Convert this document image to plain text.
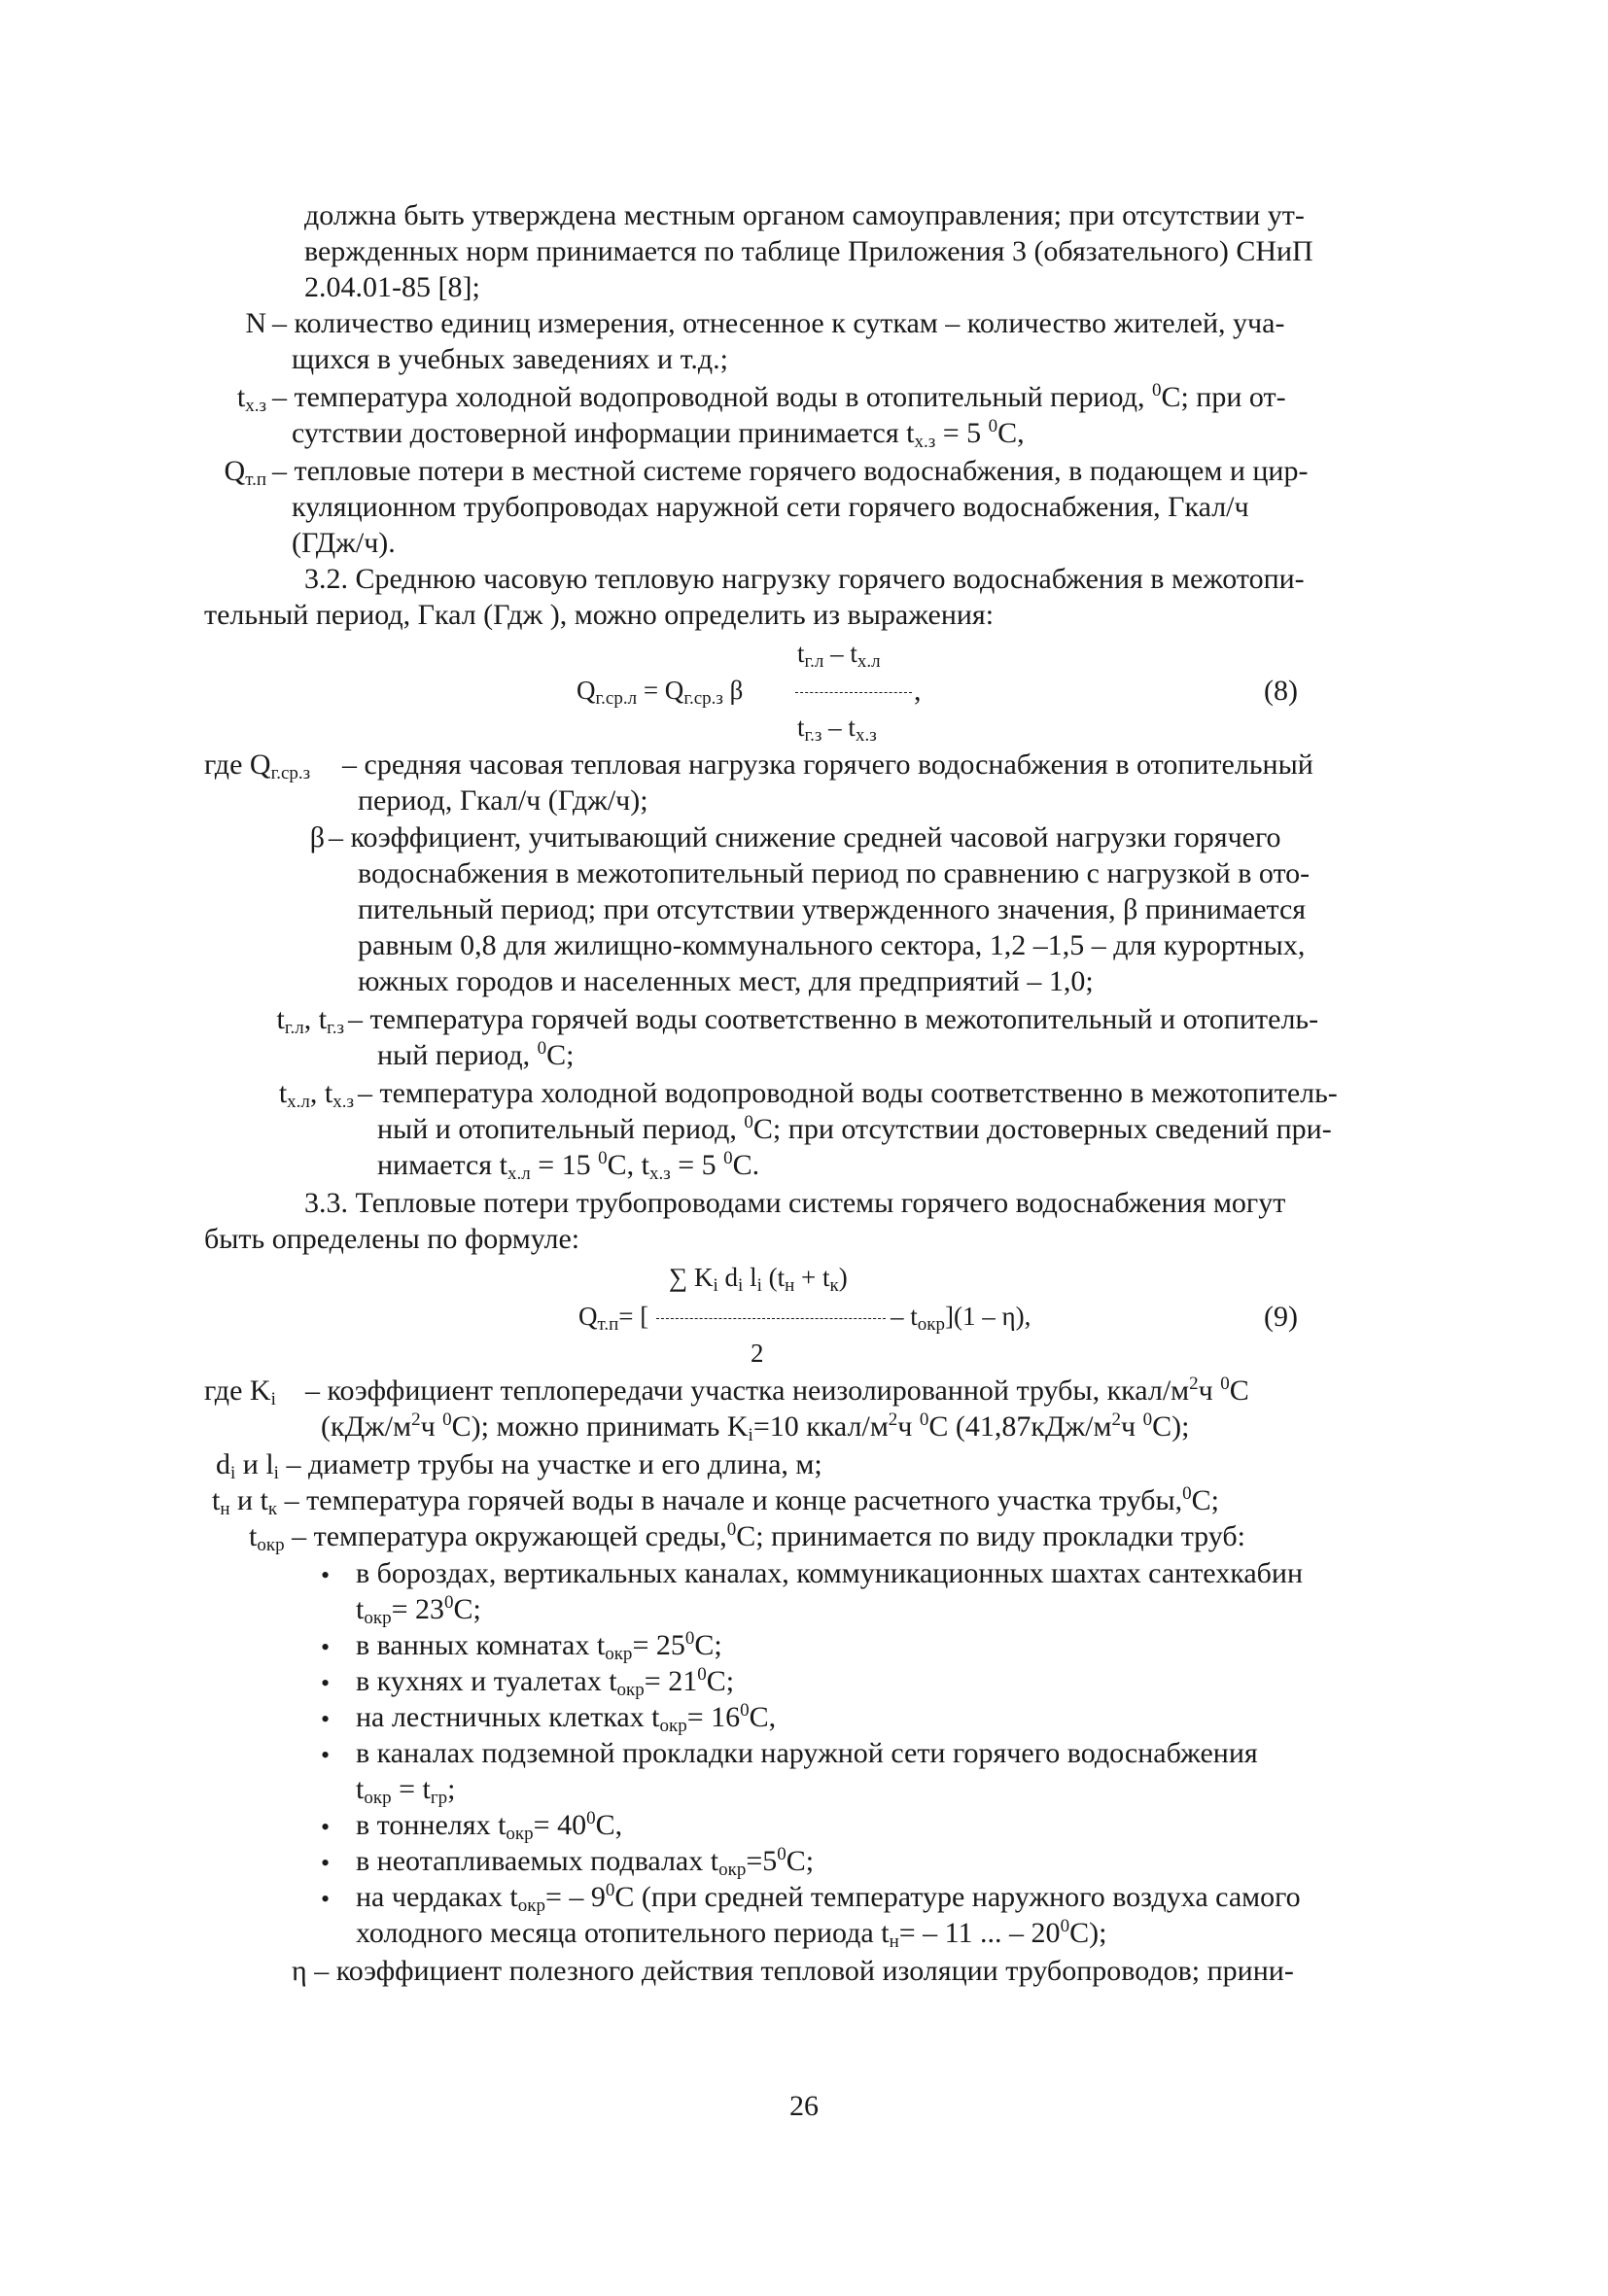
должна быть утверждена местным органом самоуправления; при отсутствии ут-
вержденных норм принимается по таблице Приложения 3 (обязательного) СНиП
2.04.01-85 [8];
N – количество единиц измерения, отнесенное к суткам – количество жителей, уча-
щихся в учебных заведениях и т.д.;
$t_{х.з}$ – температура холодной водопроводной воды в отопительный период, $^0$С; при от-
сутствии достоверной информации принимается $t_{х.з} = 5$ $^0$С,
$Q_{т.п}$ – тепловые потери в местной системе горячего водоснабжения, в подающем и цир-
куляционном трубопроводах наружной сети горячего водоснабжения, Гкал/ч
(ГДж/ч).
3.2. Среднюю часовую тепловую нагрузку горячего водоснабжения в межотопи-
тельный период, Гкал (Гдж ), можно определить из выражения:
$t_{г.л} - t_{х.л}$
$Q_{г.ср.л} = Q_{г.ср.з}$ β	,	(8)
$t_{г.з} - t_{х.з}$
где $Q_{г.ср.з}$ – средняя часовая тепловая нагрузка горячего водоснабжения в отопительный
период, Гкал/ч (Гдж/ч);
β – коэффициент, учитывающий снижение средней часовой нагрузки горячего
водоснабжения в межотопительный период по сравнению с нагрузкой в ото-
пительный период; при отсутствии утвержденного значения, β принимается
равным 0,8 для жилищно-коммунального сектора, 1,2 –1,5 – для курортных,
южных городов и населенных мест, для предприятий – 1,0;
$t_{г.л}$, $t_{г.з}$ – температура горячей воды соответственно в межотопительный и отопитель-
ный период, $^0$С;
$t_{х.л}$, $t_{х.з}$ – температура холодной водопроводной воды соответственно в межотопитель-
ный и отопительный период, $^0$С; при отсутствии достоверных сведений при-
нимается $t_{х.л} = 15$ $^0$С, $t_{х.з} = 5$ $^0$С.
3.3. Тепловые потери трубопроводами системы горячего водоснабжения могут
быть определены по формуле:
∑ $K_i$ $d_i$ $l_i$ $(t_н + t_к)$
$Q_{т.п}=$ [	– $t_{окр}](1 - \eta)$,	(9)
2
где $K_i$ – коэффициент теплопередачи участка неизолированной трубы, ккал/$м^2ч$ $^0$С
($кДж/м^2ч$ $^0$С); можно принимать $K_i=10$ ккал/$м^2ч$ $^0$С ($41,87кДж/м^2ч$ $^0$С);
$d_i$ и $l_i$ – диаметр трубы на участке и его длина, м;
$t_н$ и $t_к$ – температура горячей воды в начале и конце расчетного участка трубы,$^0$С;
$t_{окр}$ – температура окружающей среды,$^0$С; принимается по виду прокладки труб:
• в бороздах, вертикальных каналах, коммуникационных шахтах сантехкабин
$t_{окр}= 23^0С$;
• в ванных комнатах $t_{окр}= 25^0С$;
• в кухнях и туалетах $t_{окр}= 21^0С$;
• на лестничных клетках $t_{окр}= 16^0С$,
• в каналах подземной прокладки наружной сети горячего водоснабжения
$t_{окр} = t_{гр}$;
• в тоннелях $t_{окр}= 40^0С$,
• в неотапливаемых подвалах $t_{окр}=5^0С$;
• на чердаках $t_{окр}= - 9^0С$ (при средней температуре наружного воздуха самого
холодного месяца отопительного периода $t_н= - 11$ ... – $20^0С$);
η – коэффициент полезного действия тепловой изоляции трубопроводов; прини-
26
